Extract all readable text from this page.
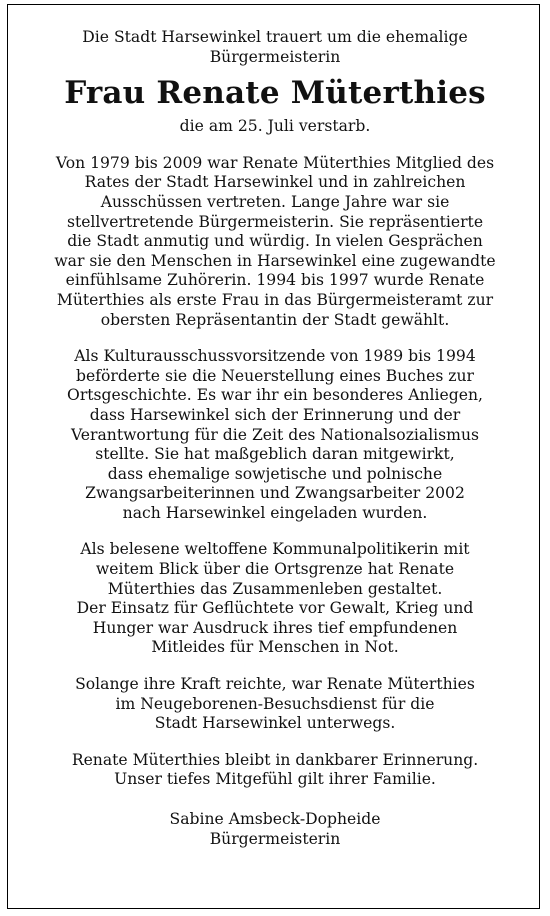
Die Stadt Harsewinkel trauert um die ehemalige
Bürgermeisterin
Frau Renate Müterthies
die am 25. Juli verstarb.
Von 1979 bis 2009 war Renate Müterthies Mitglied des
Rates der Stadt Harsewinkel und in zahlreichen
Ausschüssen vertreten. Lange Jahre war sie
stellvertretende Bürgermeisterin. Sie repräsentierte
die Stadt anmutig und würdig. In vielen Gesprächen
war sie den Menschen in Harsewinkel eine zugewandte
einfühlsame Zuhörerin. 1994 bis 1997 wurde Renate
Müterthies als erste Frau in das Bürgermeisteramt zur
obersten Repräsentantin der Stadt gewählt.
Als Kulturausschussvorsitzende von 1989 bis 1994
beförderte sie die Neuerstellung eines Buches zur
Ortsgeschichte. Es war ihr ein besonderes Anliegen,
dass Harsewinkel sich der Erinnerung und der
Verantwortung für die Zeit des Nationalsozialismus
stellte. Sie hat maßgeblich daran mitgewirkt,
dass ehemalige sowjetische und polnische
Zwangsarbeiterinnen und Zwangsarbeiter 2002
nach Harsewinkel eingeladen wurden.
Als belesene weltoffene Kommunalpolitikerin mit
weitem Blick über die Ortsgrenze hat Renate
Müterthies das Zusammenleben gestaltet.
Der Einsatz für Geflüchtete vor Gewalt, Krieg und
Hunger war Ausdruck ihres tief empfundenen
Mitleides für Menschen in Not.
Solange ihre Kraft reichte, war Renate Müterthies
im Neugeborenen-Besuchsdienst für die
Stadt Harsewinkel unterwegs.
Renate Müterthies bleibt in dankbarer Erinnerung.
Unser tiefes Mitgefühl gilt ihrer Familie.
Sabine Amsbeck-Dopheide
Bürgermeisterin
